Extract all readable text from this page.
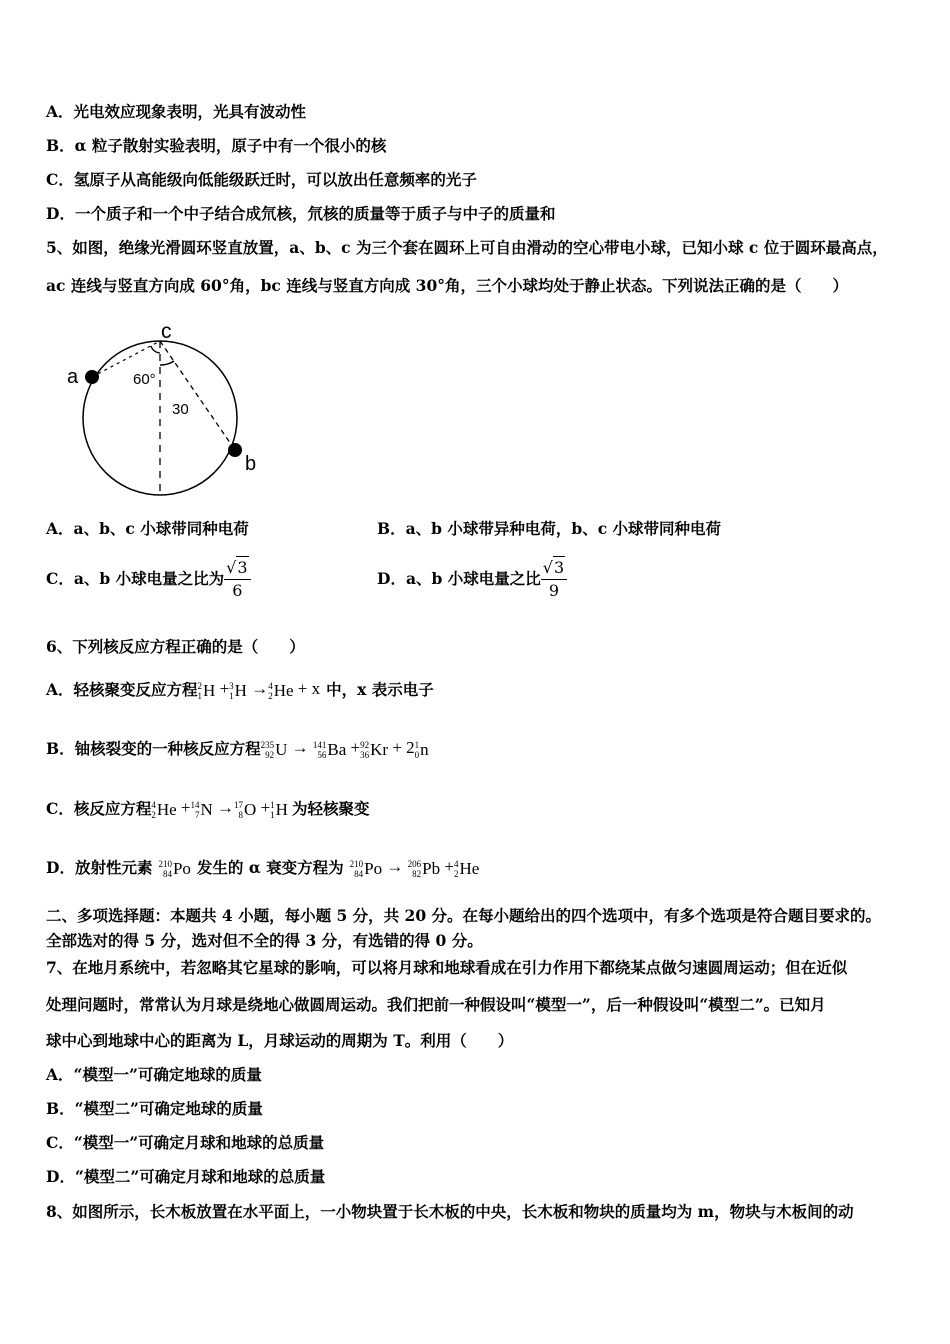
A．光电效应现象表明，光具有波动性
B．α 粒子散射实验表明，原子中有一个很小的核
C．氢原子从高能级向低能级跃迁时，可以放出任意频率的光子
D．一个质子和一个中子结合成氘核，氘核的质量等于质子与中子的质量和
5、如图，绝缘光滑圆环竖直放置，a、b、c 为三个套在圆环上可自由滑动的空心带电小球，已知小球 c 位于圆环最高点，
ac 连线与竖直方向成 60°角，bc 连线与竖直方向成 30°角，三个小球均处于静止状态。下列说法正确的是（　　）
a
b
c
60°
30
A．a、b、c 小球带同种电荷	B．a、b 小球带异种电荷，b、c 小球带同种电荷
C．a、b 小球电量之比为 $\frac{√ 3}{6}$	D．a、b 小球电量之比 $\frac{√ 3}{9}$
6、下列核反应方程正确的是（　　）
A．轻核聚变反应方程 2
1 H + 3
1 H → 4
2 He + x 中，x 表示电子
B．铀核裂变的一种核反应方程 235
92 U → 141
56 Ba + 92
36 Kr + 2 1
0 n
C．核反应方程 4
2 He + 14
7 N → 17
8 O + 1
1 H 为轻核聚变
D．放射性元素 210
84 Po 发生的 α 衰变方程为 210
84 Po → 206
82 Pb + 4
2 He
二、多项选择题：本题共 4 小题，每小题 5 分，共 20 分。在每小题给出的四个选项中，有多个选项是符合题目要求的。
全部选对的得 5 分，选对但不全的得 3 分，有选错的得 0 分。
7、在地月系统中，若忽略其它星球的影响，可以将月球和地球看成在引力作用下都绕某点做匀速圆周运动；但在近似
处理问题时，常常认为月球是绕地心做圆周运动。我们把前一种假设叫“模型一”，后一种假设叫“模型二”。已知月
球中心到地球中心的距离为 L，月球运动的周期为 T。利用（　　）
A．“模型一”可确定地球的质量
B．“模型二”可确定地球的质量
C．“模型一”可确定月球和地球的总质量
D．“模型二”可确定月球和地球的总质量
8、如图所示，长木板放置在水平面上，一小物块置于长木板的中央，长木板和物块的质量均为 m，物块与木板间的动
